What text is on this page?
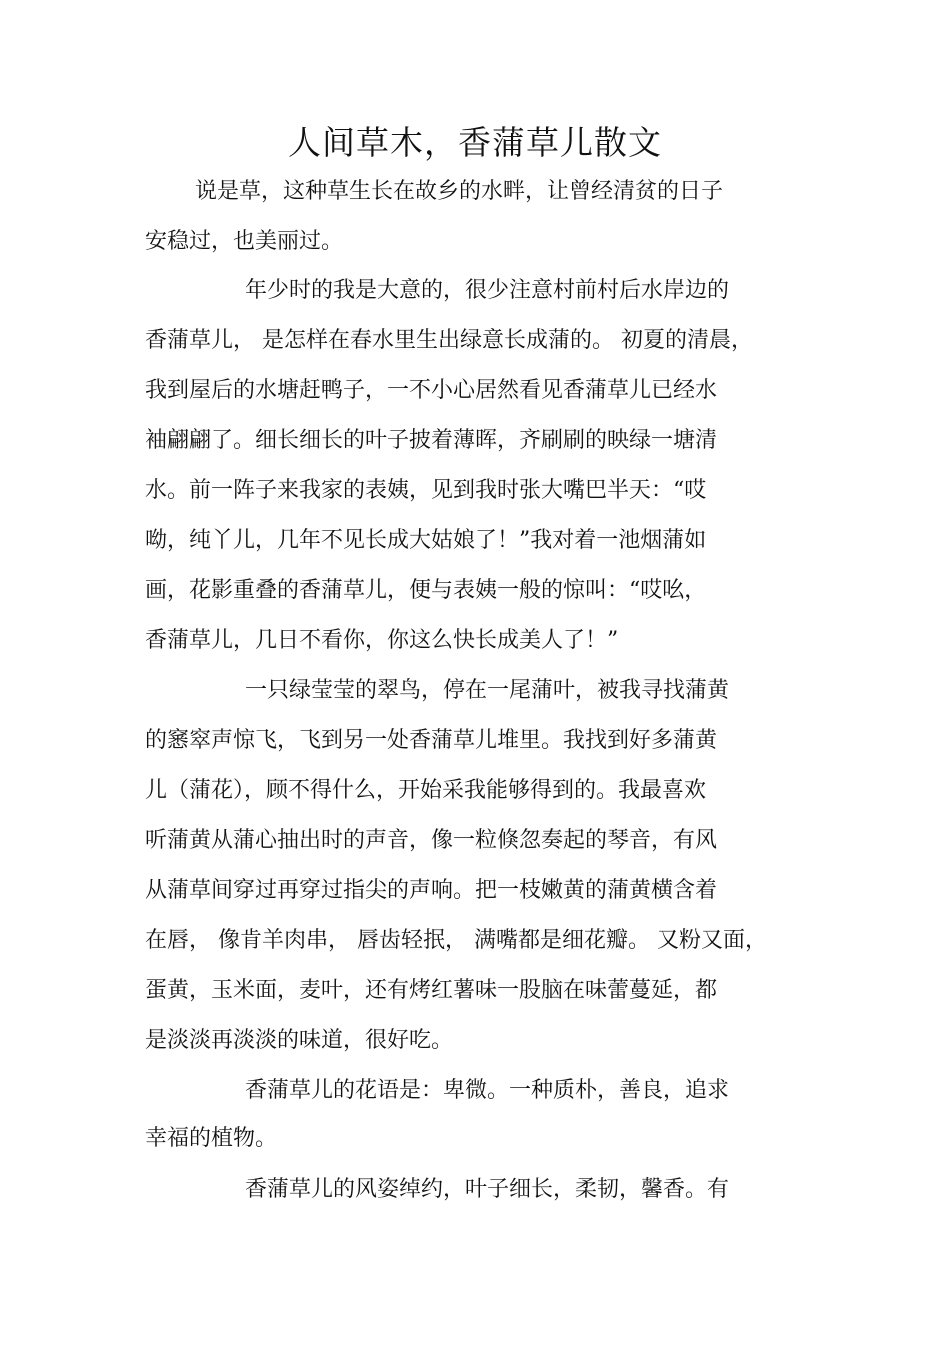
人间草木，香蒲草儿散文
说是草，这种草生长在故乡的水畔，让曾经清贫的日子
安稳过，也美丽过。
年少时的我是大意的，很少注意村前村后水岸边的
香蒲草儿， 是怎样在春水里生出绿意长成蒲的。 初夏的清晨，
我到屋后的水塘赶鸭子，一不小心居然看见香蒲草儿已经水
袖翩翩了。细长细长的叶子披着薄晖，齐刷刷的映绿一塘清
水。前一阵子来我家的表姨，见到我时张大嘴巴半天：“哎
呦，纯丫儿，几年不见长成大姑娘了！”我对着一池烟蒲如
画，花影重叠的香蒲草儿，便与表姨一般的惊叫：“哎吆，
香蒲草儿，几日不看你，你这么快长成美人了！”
一只绿莹莹的翠鸟，停在一尾蒲叶，被我寻找蒲黄
的窸窣声惊飞，飞到另一处香蒲草儿堆里。我找到好多蒲黄
儿（蒲花），顾不得什么，开始采我能够得到的。我最喜欢
听蒲黄从蒲心抽出时的声音，像一粒倏忽奏起的琴音，有风
从蒲草间穿过再穿过指尖的声响。把一枝嫩黄的蒲黄横含着
在唇， 像肯羊肉串， 唇齿轻抿， 满嘴都是细花瓣。 又粉又面，
蛋黄，玉米面，麦叶，还有烤红薯味一股脑在味蕾蔓延，都
是淡淡再淡淡的味道，很好吃。
香蒲草儿的花语是：卑微。一种质朴，善良，追求
幸福的植物。
香蒲草儿的风姿绰约，叶子细长，柔韧，馨香。有
